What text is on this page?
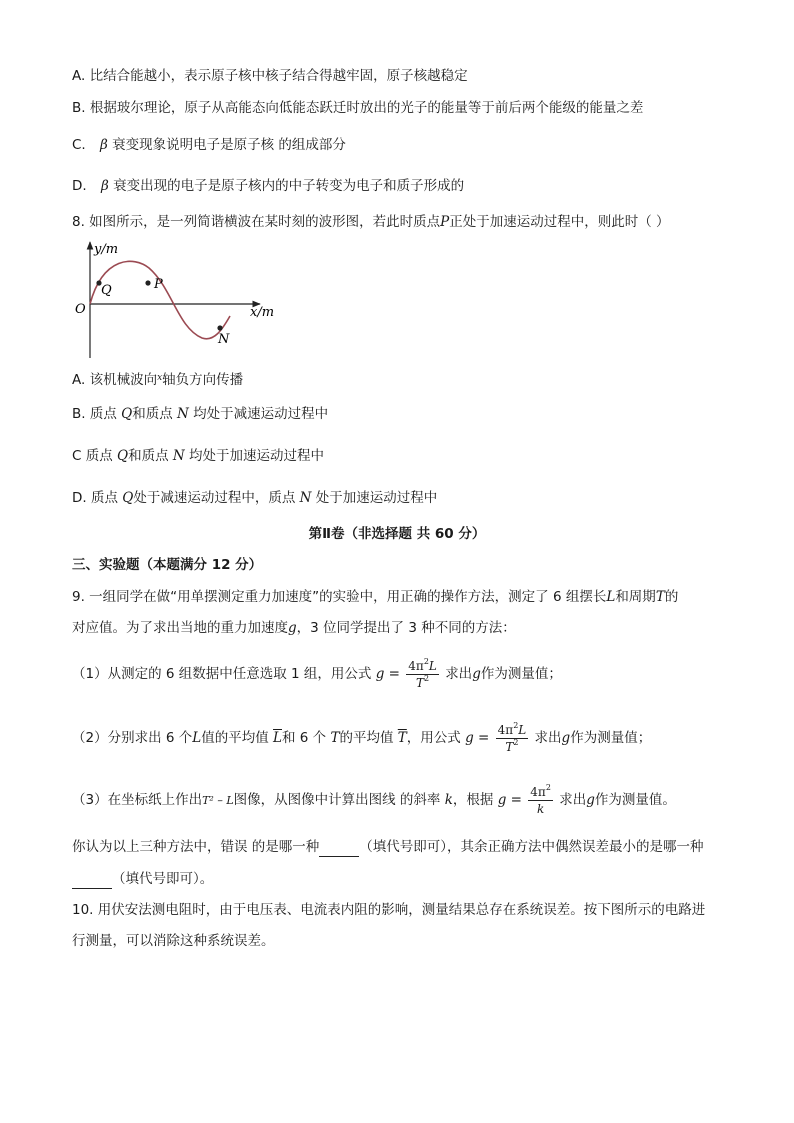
A. 比结合能越小，表示原子核中核子结合得越牢固，原子核越稳定
B. 根据玻尔理论，原子从高能态向低能态跃迁时放出的光子的能量等于前后两个能级的能量之差
C. β 衰变现象说明电子是原子核 的组成部分
D. β 衰变出现的电子是原子核内的中子转变为电子和质子形成的
8. 如图所示，是一列简谐横波在某时刻的波形图，若此时质点P正处于加速运动过程中，则此时（ ）
y/m
x/m
O
Q	P
N
A. 该机械波向$^x$轴负方向传播
B. 质点 Q和质点 N 均处于减速运动过程中
C 质点 Q和质点 N 均处于加速运动过程中
D. 质点 Q处于减速运动过程中，质点 N 处于加速运动过程中
第Ⅱ卷（非选择题 共 60 分）
三、实验题（本题满分 12 分）
9. 一组同学在做“用单摆测定重力加速度”的实验中，用正确的操作方法，测定了 6 组摆长L和周期T的
对应值。为了求出当地的重力加速度g，3 位同学提出了 3 种不同的方法：
（1）从测定的 6 组数据中任意选取 1 组，用公式 $g = \frac{4\pi^2L}{T^2}$ 求出g作为测量值；
（2）分别求出 6 个L值的平均值 $\overline{L}$和 6 个 T的平均值 $\overline{T}$，用公式 $g = \frac{4\pi^2L}{T^2}$ 求出g作为测量值；
（3）在坐标纸上作出T² – L图像，从图像中计算出图线 的斜率 k，根据 $g = \frac{4\pi^2}{k}$ 求出g作为测量值。
你认为以上三种方法中，错误 的是哪一种	（填代号即可），其余正确方法中偶然误差最小的是哪一种
（填代号即可）。
10. 用伏安法测电阻时，由于电压表、电流表内阻的影响，测量结果总存在系统误差。按下图所示的电路进
行测量，可以消除这种系统误差。
